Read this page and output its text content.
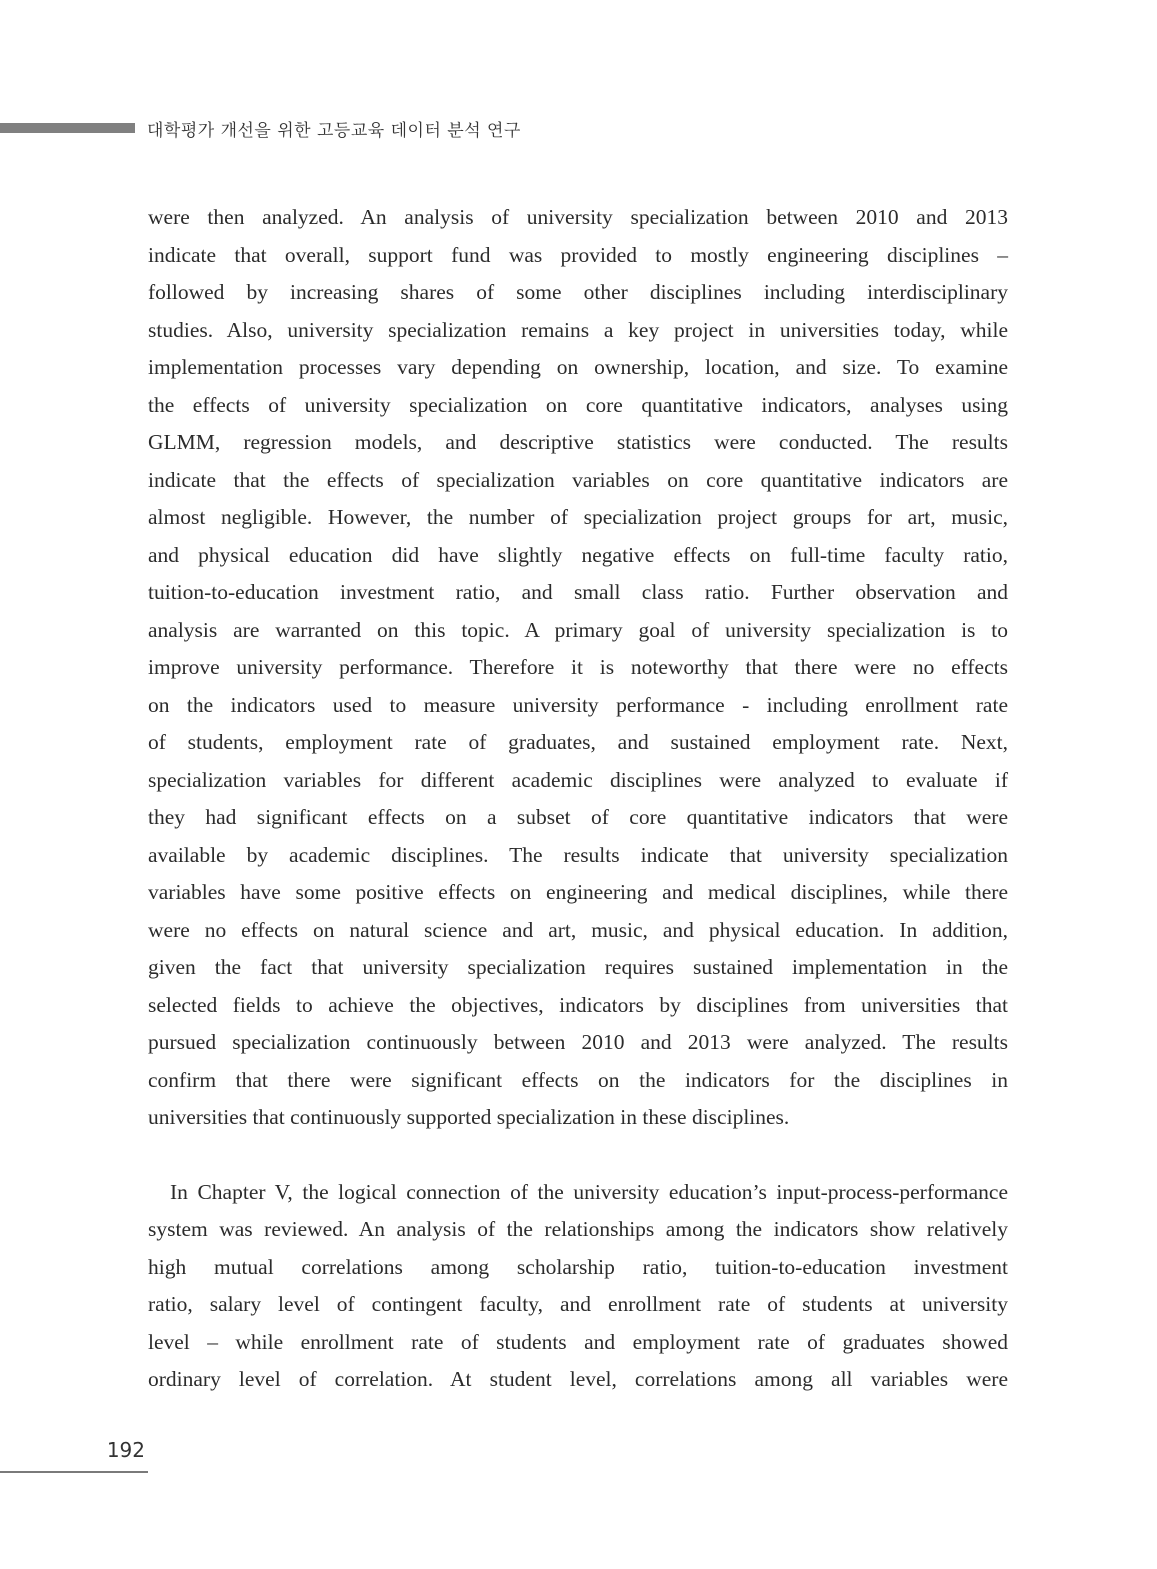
대학평가 개선을 위한 고등교육 데이터 분석 연구

were then analyzed. An analysis of university specialization between 2010 and 2013
indicate that overall, support fund was provided to mostly engineering disciplines –
followed by increasing shares of some other disciplines including interdisciplinary
studies. Also, university specialization remains a key project in universities today, while
implementation processes vary depending on ownership, location, and size. To examine
the effects of university specialization on core quantitative indicators, analyses using
GLMM, regression models, and descriptive statistics were conducted. The results
indicate that the effects of specialization variables on core quantitative indicators are
almost negligible. However, the number of specialization project groups for art, music,
and physical education did have slightly negative effects on full-time faculty ratio,
tuition-to-education investment ratio, and small class ratio. Further observation and
analysis are warranted on this topic. A primary goal of university specialization is to
improve university performance. Therefore it is noteworthy that there were no effects
on the indicators used to measure university performance - including enrollment rate
of students, employment rate of graduates, and sustained employment rate. Next,
specialization variables for different academic disciplines were analyzed to evaluate if
they had significant effects on a subset of core quantitative indicators that were
available by academic disciplines. The results indicate that university specialization
variables have some positive effects on engineering and medical disciplines, while there
were no effects on natural science and art, music, and physical education. In addition,
given the fact that university specialization requires sustained implementation in the
selected fields to achieve the objectives, indicators by disciplines from universities that
pursued specialization continuously between 2010 and 2013 were analyzed. The results
confirm that there were significant effects on the indicators for the disciplines in
universities that continuously supported specialization in these disciplines.

In Chapter V, the logical connection of the university education’s input-process-performance
system was reviewed. An analysis of the relationships among the indicators show relatively
high mutual correlations among scholarship ratio, tuition-to-education investment
ratio, salary level of contingent faculty, and enrollment rate of students at university
level – while enrollment rate of students and employment rate of graduates showed
ordinary level of correlation. At student level, correlations among all variables were

192
